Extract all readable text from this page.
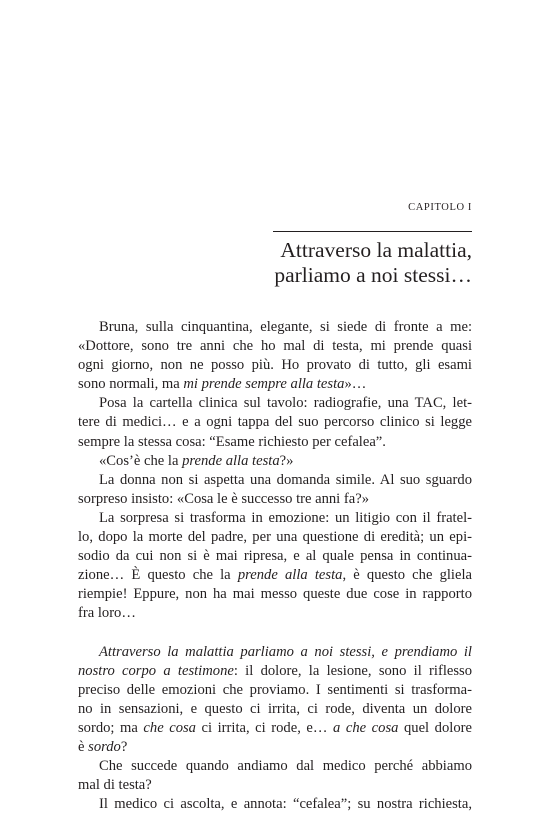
CAPITOLO I
Attraverso la malattia,
parliamo a noi stessi…
Bruna, sulla cinquantina, elegante, si siede di fronte a me:
«Dottore, sono tre anni che ho mal di testa, mi prende quasi
ogni giorno, non ne posso più. Ho provato di tutto, gli esami
sono normali, ma mi prende sempre alla testa»…
Posa la cartella clinica sul tavolo: radiografie, una TAC, let-
tere di medici… e a ogni tappa del suo percorso clinico si legge
sempre la stessa cosa: “Esame richiesto per cefalea”.
«Cos’è che la prende alla testa?»
La donna non si aspetta una domanda simile. Al suo sguardo
sorpreso insisto: «Cosa le è successo tre anni fa?»
La sorpresa si trasforma in emozione: un litigio con il fratel-
lo, dopo la morte del padre, per una questione di eredità; un epi-
sodio da cui non si è mai ripresa, e al quale pensa in continua-
zione… È questo che la prende alla testa, è questo che gliela
riempie! Eppure, non ha mai messo queste due cose in rapporto
fra loro…
Attraverso la malattia parliamo a noi stessi, e prendiamo il
nostro corpo a testimone: il dolore, la lesione, sono il riflesso
preciso delle emozioni che proviamo. I sentimenti si trasforma-
no in sensazioni, e questo ci irrita, ci rode, diventa un dolore
sordo; ma che cosa ci irrita, ci rode, e… a che cosa quel dolore
è sordo?
Che succede quando andiamo dal medico perché abbiamo
mal di testa?
Il medico ci ascolta, e annota: “cefalea”; su nostra richiesta,
